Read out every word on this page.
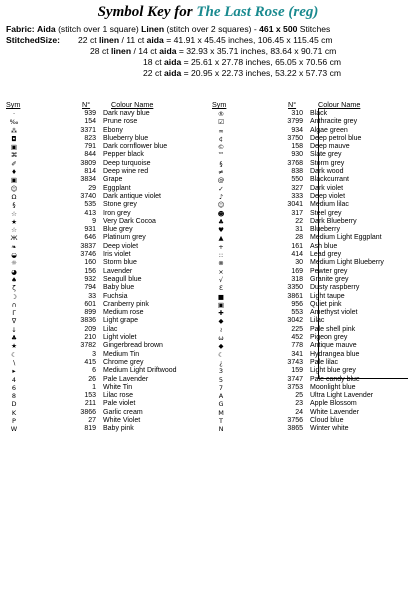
Symbol Key for The Last Rose (reg)
Fabric: Aida (stitch over 1 square) Linen (stitch over 2 squares) - 461 x 500 Stitches
StitchedSize: 22 ct linen / 11 ct aida = 41.91 x 45.45 inches, 106.45 x 115.45 cm
28 ct linen / 14 ct aida = 32.93 x 35.71 inches, 83.64 x 90.71 cm
18 ct aida = 25.61 x 27.78 inches, 65.05 x 70.56 cm
22 ct aida = 20.95 x 22.73 inches, 53.22 x 57.73 cm
Sym	N°	Colour Name	Sym	N°	Colour Name
·	939 Dark navy blue
‰	154 Prune rose
⁂	3371 Ebony
◘	823 Blueberry blue
▣	791 Dark cornflower blue
⌘	844 Pepper black
✐	3809 Deep turquoise
♦	814 Deep wine red
▣	3834 Grape
☺	29 Eggplant
Ω	3740 Dark antique violet
§	535 Stone grey
☆	413 Iron grey
★	9 Very Dark Cocoa
☆	931 Blue grey
Ж	646 Platinum grey
❧	3837 Deep violet
◒	3746 Iris violet
☼	160 Storm blue
◕	156 Lavender
♠	932 Seagull blue
ζ	794 Baby blue
☽	33 Fuchsia
∩	601 Cranberry pink
Γ	899 Medium rose
∇	3836 Light grape
↓	209 Lilac
♣	210 Light violet
★	3782 Gingerbread brown
☾	3 Medium Tin
∖	415 Chrome grey
▸	6 Medium Light Driftwood
4	26 Pale Lavender
6	1 White Tin
8	153 Lilac rose
D	211 Pale violet
K	3866 Garlic cream
P	27 White Violet
W	819 Baby pink
®	310 Black
☑	3799 Anthracite grey
∞	934 Algae green
¢	3750 Deep petrol blue
©	158 Deep mauve
™	930 Slate grey
§	3768 Storm grey
≠	838 Dark wood
@	550 Blackcurrant
✓	327 Dark violet
♪	333 Deep violet
☺	3041 Medium lilac
☻	317 Steel grey
♣	22 Dark Blueberry
♥	31 Blueberry
▲	28 Medium Light Eggplant
+	161 Ash blue
::	414 Lead grey
⊗	30 Medium Light Blueberry
×	169 Pewter grey
√	318 Granite grey
Ɛ	3350 Dusty raspberry
■	3861 Light taupe
▣	956 Quiet pink
✚	553 Amethyst violet
◆	3042 Lilac
≀	225 Pale shell pink
ω	452 Pigeon grey
◆	778 Antique mauve
☾	341 Hydrangea blue
¿	3743 Pale lilac
3	159 Light blue grey
5	3747 Pale candy blue
7	3753 Moonlight blue
A	25 Ultra Light Lavender
G	23 Apple Blossom
M	24 White Lavender
T	3756 Cloud blue
N	3865 Winter white
